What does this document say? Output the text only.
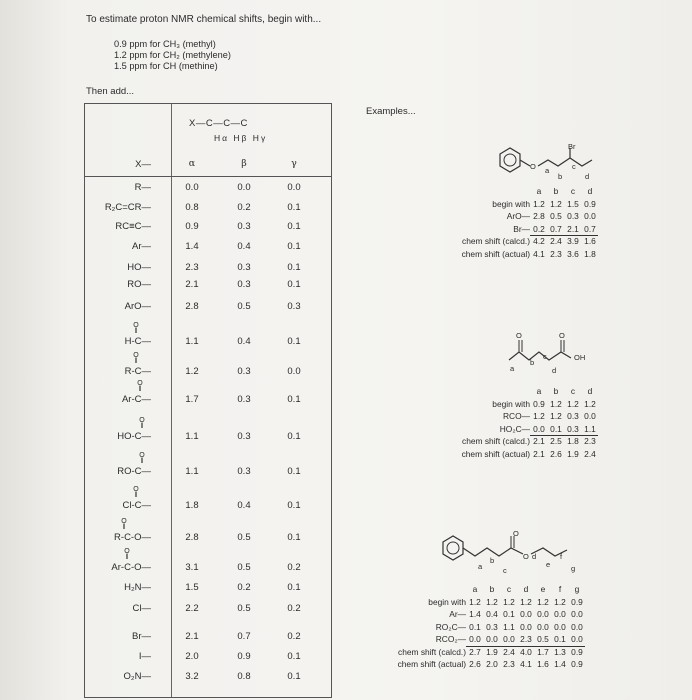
To estimate proton NMR chemical shifts, begin with...
0.9 ppm for CH₃ (methyl)
1.2 ppm for CH₂ (methylene)
1.5 ppm for CH (methine)
Then add...
X—C—C—C
Hα Hβ Hγ
X—	α	β	γ
R—	0.0	0.0	0.0
R₂C=CR—	0.8	0.2	0.1
RC≡C—	0.9	0.3	0.1
Ar—	1.4	0.4	0.1
HO—	2.3	0.3	0.1
RO—	2.1	0.3	0.1
ArO—	2.8	0.5	0.3
H-C—	1.1	0.4	0.1
O
‖
R-C—	1.2	0.3	0.0
O
‖
Ar-C—	1.7	0.3	0.1
O
‖
HO-C—	1.1	0.3	0.1
O
‖
RO-C—	1.1	0.3	0.1
O
‖
Cl-C—	1.8	0.4	0.1
O
‖
R-C-O—	2.8	0.5	0.1
O
‖
Ar-C-O—	3.1	0.5	0.2
O
‖
H₂N—	1.5	0.2	0.1
Cl—	2.2	0.5	0.2
Br—	2.1	0.7	0.2
I—	2.0	0.9	0.1
O₂N—	3.2	0.8	0.1
Examples...
Br
O a
b
c
d
a	b	c	d
begin with 1.2 1.2 1.5 0.9
ArO— 2.8 0.5 0.3 0.0
Br— 0.2 0.7 2.1 0.7
chem shift (calcd.) 4.2 2.4 3.9 1.6
chem shift (actual) 4.1 2.3 3.6 1.8
O	O
OH
a
b
c
d
a	b	c	d
begin with 0.9 1.2 1.2 1.2
RCO— 1.2 1.2 0.3 0.0
HO₂C— 0.0 0.1 0.3 1.1
chem shift (calcd.) 2.1 2.5 1.8 2.3
chem shift (actual) 2.1 2.6 1.9 2.4
O
O
a
b
c
d
e
f
g
a	b	c	d	e	f	g
begin with 1.2 1.2 1.2 1.2 1.2 1.2 0.9
Ar— 1.4 0.4 0.1 0.0 0.0 0.0 0.0
RO₂C— 0.1 0.3 1.1 0.0 0.0 0.0 0.0
RCO₂— 0.0 0.0 0.0 2.3 0.5 0.1 0.0
chem shift (calcd.) 2.7 1.9 2.4 4.0 1.7 1.3 0.9
chem shift (actual) 2.6 2.0 2.3 4.1 1.6 1.4 0.9
